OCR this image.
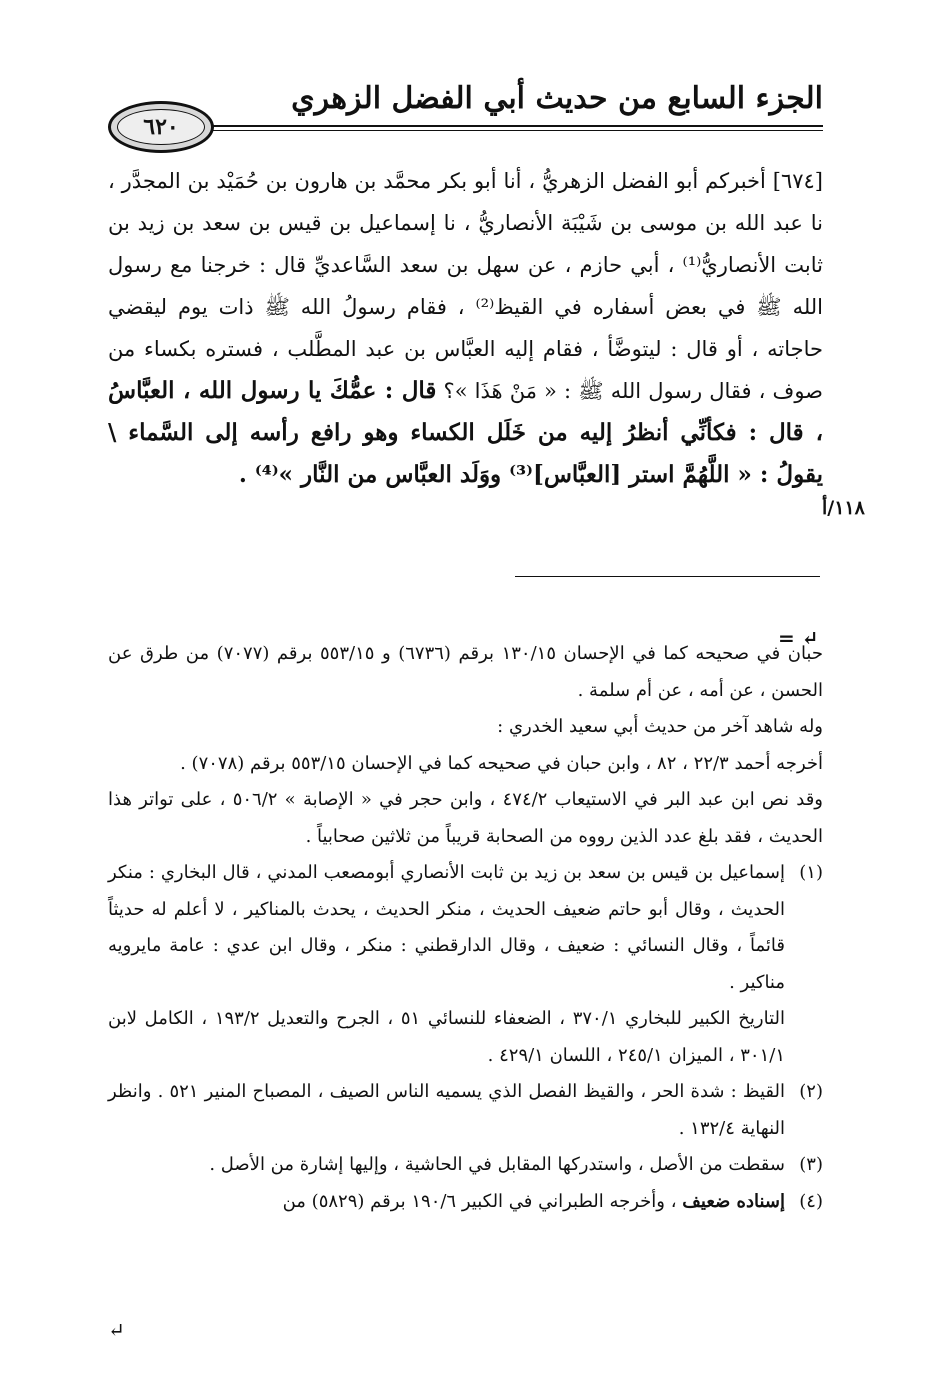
الجزء السابع من حديث أبي الفضل الزهري
٦٢٠

[٦٧٤] أخبركم أبو الفضل الزهريُّ ، أنا أبو بكر محمَّد بن هارون بن حُمَيْد بن المجدَّر ، نا عبد الله بن موسى بن شَيْبَة الأنصاريُّ ، نا إسماعيل بن قيس بن سعد بن زيد بن ثابت الأنصاريُّ⁽¹⁾ ، أبي حازم ، عن سهل بن سعد السَّاعديِّ قال : خرجنا مع رسول الله ﷺ في بعض أسفاره في القيظ⁽²⁾ ، فقام رسولُ الله ﷺ ذات يوم ليقضي حاجاته ، أو قال : ليتوضَّأ ، فقام إليه العبَّاس بن عبد المطَّلب ، فستره بكساء من صوف ، فقال رسول الله ﷺ : « مَنْ هَذَا »؟ قال : عمُّكَ يا رسول الله ، العبَّاسُ ، قال : فكأنِّي أنظرُ إليه من خَلَل الكساء وهو رافع رأسه إلى السَّماء \ يقولُ : « اللَّهُمَّ استر [العبَّاس]⁽³⁾ ووَلَد العبَّاس من النَّار »⁽⁴⁾ .

١١٨/أ
= ↵

حبان في صحيحه كما في الإحسان ١٣٠/١٥ برقم (٦٧٣٦) و ٥٥٣/١٥ برقم (٧٠٧٧) من طرق عن الحسن ، عن أمه ، عن أم سلمة .

وله شاهد آخر من حديث أبي سعيد الخدري :

أخرجه أحمد ٢٢/٣ ، ٨٢ ، وابن حبان في صحيحه كما في الإحسان ٥٥٣/١٥ برقم (٧٠٧٨) .

وقد نص ابن عبد البر في الاستيعاب ٤٧٤/٢ ، وابن حجر في « الإصابة » ٥٠٦/٢ ، على تواتر هذا الحديث ، فقد بلغ عدد الذين رووه من الصحابة قريباً من ثلاثين صحابياً .

(١)

إسماعيل بن قيس بن سعد بن زيد بن ثابت الأنصاري أبومصعب المدني ، قال البخاري : منكر الحديث ، وقال أبو حاتم ضعيف الحديث ، منكر الحديث ، يحدث بالمناكير ، لا أعلم له حديثاً قائماً ، وقال النسائي : ضعيف ، وقال الدارقطني : منكر ، وقال ابن عدي : عامة مايرويه مناكير .

التاريخ الكبير للبخاري ٣٧٠/١ ، الضعفاء للنسائي ٥١ ، الجرح والتعديل ١٩٣/٢ ، الكامل لابن ٣٠١/١ ، الميزان ٢٤٥/١ ، اللسان ٤٢٩/١ .

(٢)

القيظ : شدة الحر ، والقيظ الفصل الذي يسميه الناس الصيف ، المصباح المنير ٥٢١ . وانظر النهاية ١٣٢/٤ .

(٣)

سقطت من الأصل ، واستدركها المقابل في الحاشية ، وإليها إشارة من الأصل .

(٤)

إسناده ضعيف ، وأخرجه الطبراني في الكبير ١٩٠/٦ برقم (٥٨٢٩) من

↵
